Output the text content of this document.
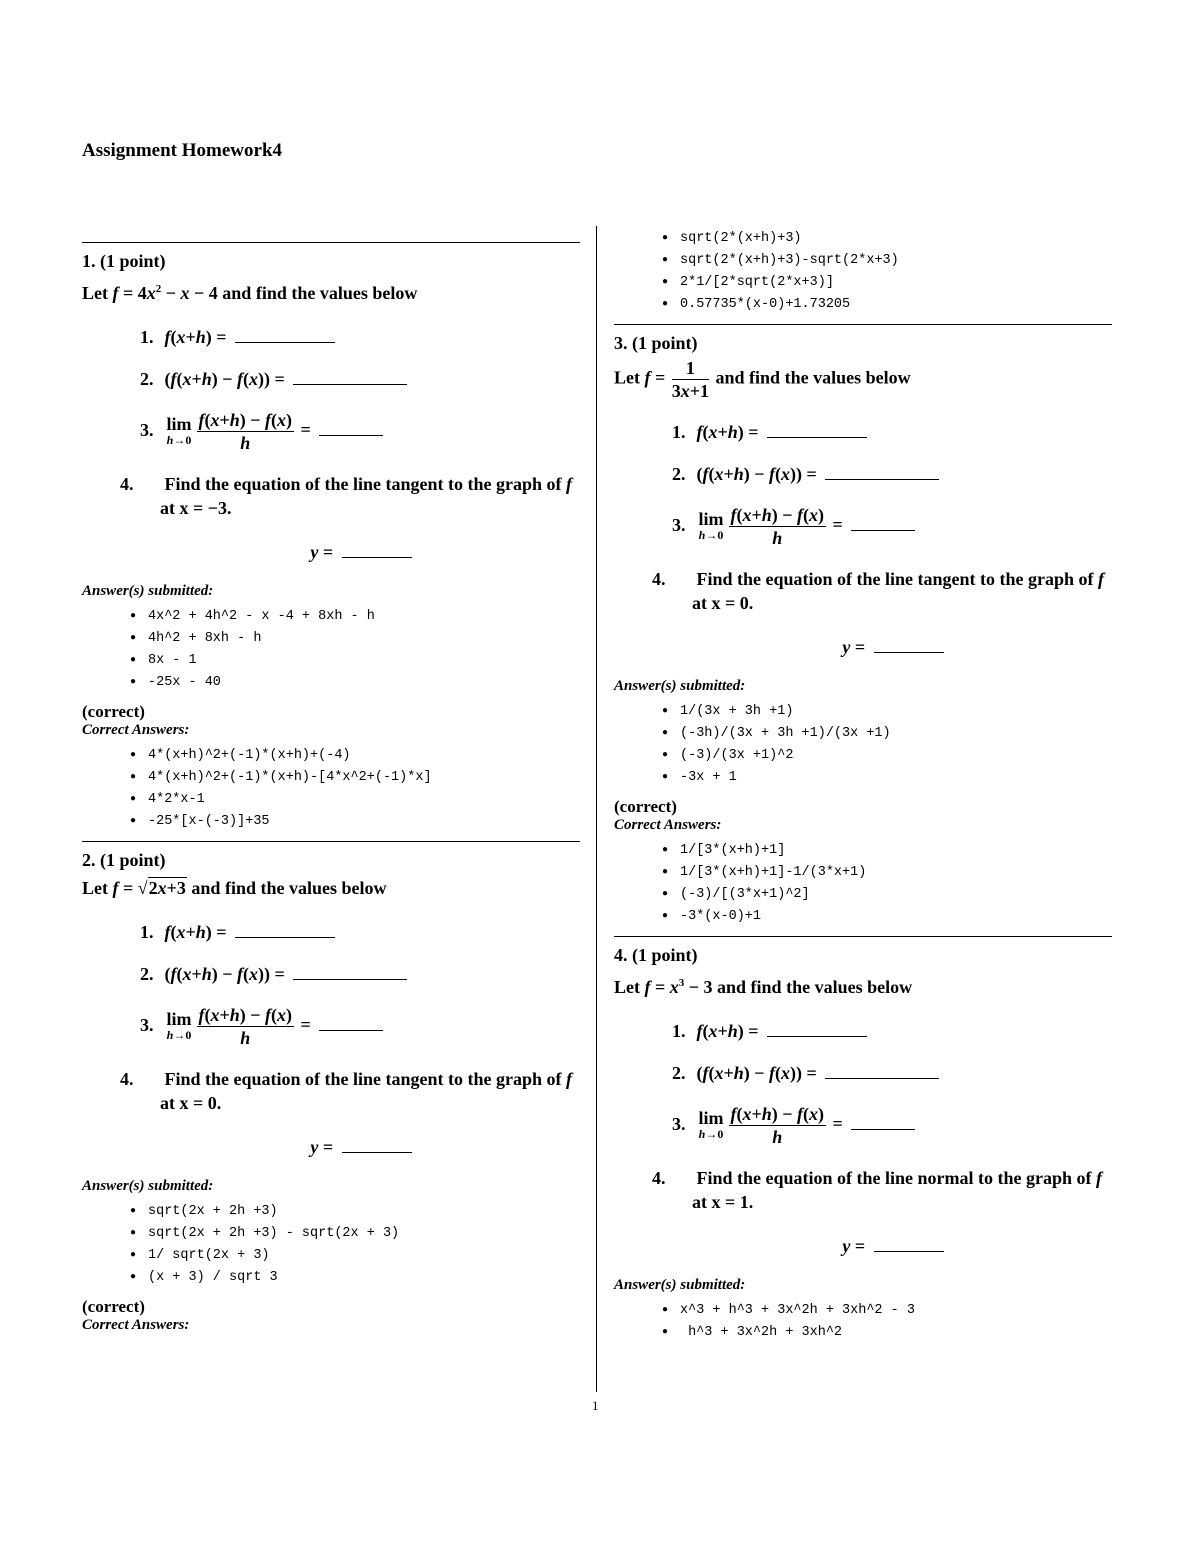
Assignment Homework4
1. (1 point)
Let $f = 4x^2 - x - 4$ and find the values below
1. f(x+h) =
2. (f(x+h) − f(x)) =
3. lim
$h\to 0 \frac{f(x+h) - f(x)}{h}$ =
4. Find the equation of the line tangent to the graph of f
at x = −3.
y =
Answer(s) submitted:
● 4x^2 + 4h^2 - x -4 + 8xh - h
● 4h^2 + 8xh - h
● 8x - 1
● -25x - 40
(correct)
Correct Answers:
● 4*(x+h)^2+(-1)*(x+h)+(-4)
● 4*(x+h)^2+(-1)*(x+h)-[4*x^2+(-1)*x]
● 4*2*x-1
● -25*[x-(-3)]+35
2. (1 point)
Let f = √2x+3 and find the values below
1. f(x+h) =
2. (f(x+h) − f(x)) =
3. lim
$h\to 0 \frac{f(x+h) - f(x)}{h}$ =
4. Find the equation of the line tangent to the graph of f
at x = 0.
y =
Answer(s) submitted:
● sqrt(2x + 2h +3)
● sqrt(2x + 2h +3) - sqrt(2x + 3)
● 1/ sqrt(2x + 3)
● (x + 3) / sqrt 3
(correct)
Correct Answers:
● sqrt(2*(x+h)+3)
● sqrt(2*(x+h)+3)-sqrt(2*x+3)
● 2*1/[2*sqrt(2*x+3)]
● 0.57735*(x-0)+1.73205
3. (1 point)
Let $f = \frac{1}{3x+1}$ and find the values below
1. f(x+h) =
2. (f(x+h) − f(x)) =
3. lim
$h\to 0 \frac{f(x+h) - f(x)}{h}$ =
4. Find the equation of the line tangent to the graph of f
at x = 0.
y =
Answer(s) submitted:
● 1/(3x + 3h +1)
● (-3h)/(3x + 3h +1)/(3x +1)
● (-3)/(3x +1)^2
● -3x + 1
(correct)
Correct Answers:
● 1/[3*(x+h)+1]
● 1/[3*(x+h)+1]-1/(3*x+1)
● (-3)/[(3*x+1)^2]
● -3*(x-0)+1
4. (1 point)
Let $f = x^3 - 3$ and find the values below
1. f(x+h) =
2. (f(x+h) − f(x)) =
3. lim
$h\to 0 \frac{f(x+h) - f(x)}{h}$ =
4. Find the equation of the line normal to the graph of f
at x = 1.
y =
Answer(s) submitted:
● x^3 + h^3 + 3x^2h + 3xh^2 - 3
●  h^3 + 3x^2h + 3xh^2
1
